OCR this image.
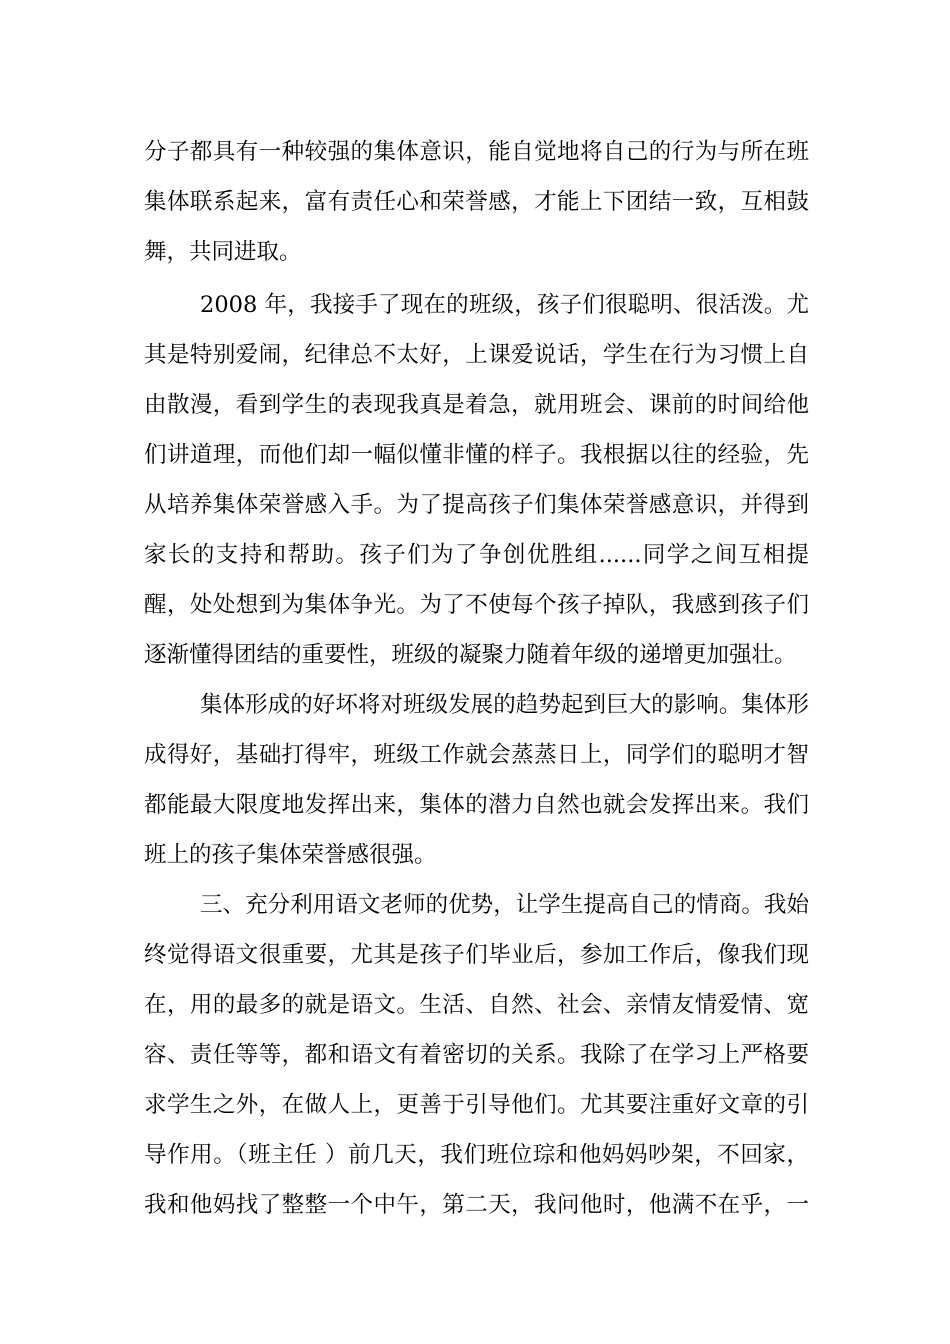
分子都具有一种较强的集体意识，能自觉地将自己的行为与所在班
集体联系起来，富有责任心和荣誉感，才能上下团结一致，互相鼓
舞，共同进取。
2008 年，我接手了现在的班级，孩子们很聪明、很活泼。尤
其是特别爱闹，纪律总不太好，上课爱说话，学生在行为习惯上自
由散漫，看到学生的表现我真是着急，就用班会、课前的时间给他
们讲道理，而他们却一幅似懂非懂的样子。我根据以往的经验，先
从培养集体荣誉感入手。为了提高孩子们集体荣誉感意识，并得到
家长的支持和帮助。孩子们为了争创优胜组......同学之间互相提
醒，处处想到为集体争光。为了不使每个孩子掉队，我感到孩子们
逐渐懂得团结的重要性，班级的凝聚力随着年级的递增更加强壮。
集体形成的好坏将对班级发展的趋势起到巨大的影响。集体形
成得好，基础打得牢，班级工作就会蒸蒸日上，同学们的聪明才智
都能最大限度地发挥出来，集体的潜力自然也就会发挥出来。我们
班上的孩子集体荣誉感很强。
三、充分利用语文老师的优势，让学生提高自己的情商。我始
终觉得语文很重要，尤其是孩子们毕业后，参加工作后，像我们现
在，用的最多的就是语文。生活、自然、社会、亲情友情爱情、宽
容、责任等等，都和语文有着密切的关系。我除了在学习上严格要
求学生之外，在做人上，更善于引导他们。尤其要注重好文章的引
导作用。（班主任 ）前几天，我们班位琮和他妈妈吵架，不回家，
我和他妈找了整整一个中午，第二天，我问他时，他满不在乎，一
